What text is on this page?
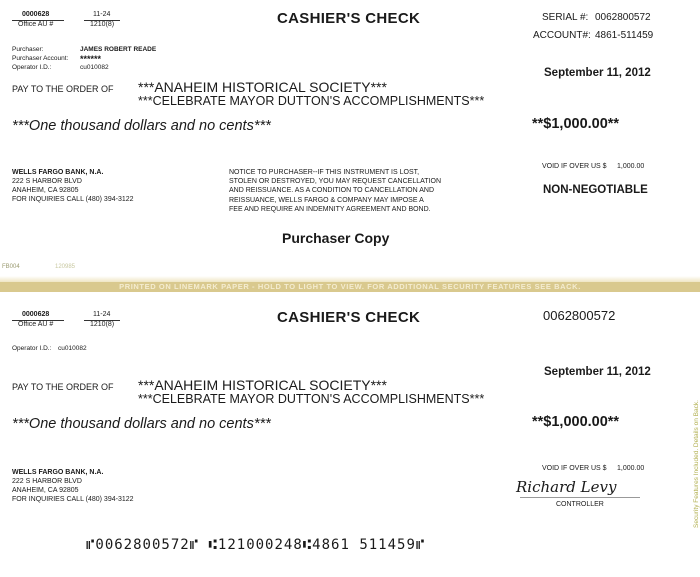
0000628
Office AU #
11-24
1210(8)	CASHIER'S CHECK	SERIAL #: 0062800572
ACCOUNT#: 4861-511459
Purchaser:	JAMES ROBERT READE
Purchaser Account: ******
Operator I.D.:	cu010082	September 11, 2012
PAY TO THE ORDER OF ***ANAHEIM HISTORICAL SOCIETY***
***CELEBRATE MAYOR DUTTON'S ACCOMPLISHMENTS***
***One thousand dollars and no cents***	**$1,000.00**
WELLS FARGO BANK, N.A.
222 S HARBOR BLVD
ANAHEIM, CA 92805
FOR INQUIRIES CALL (480) 394-3122
NOTICE TO PURCHASER--IF THIS INSTRUMENT IS LOST,
STOLEN OR DESTROYED, YOU MAY REQUEST CANCELLATION
AND REISSUANCE. AS A CONDITION TO CANCELLATION AND
REISSUANCE, WELLS FARGO & COMPANY MAY IMPOSE A
FEE AND REQUIRE AN INDEMNITY AGREEMENT AND BOND.
VOID IF OVER US $ 1,000.00
NON-NEGOTIABLE
Purchaser Copy
FB004	120985
PRINTED ON LINEMARK PAPER - HOLD TO LIGHT TO VIEW. FOR ADDITIONAL SECURITY FEATURES SEE BACK.
0000628
Office AU #
11-24
1210(8)	CASHIER'S CHECK	0062800572
Operator I.D.: cu010082
September 11, 2012
PAY TO THE ORDER OF ***ANAHEIM HISTORICAL SOCIETY***
***CELEBRATE MAYOR DUTTON'S ACCOMPLISHMENTS***
***One thousand dollars and no cents***	**$1,000.00**
WELLS FARGO BANK, N.A.
222 S HARBOR BLVD
ANAHEIM, CA 92805
FOR INQUIRIES CALL (480) 394-3122
VOID IF OVER US $ 1,000.00
Richard Levy
CONTROLLER	Security Features Included. Details on Back.
⑈0062800572⑈ ⑆121000248⑆4861 511459⑈
